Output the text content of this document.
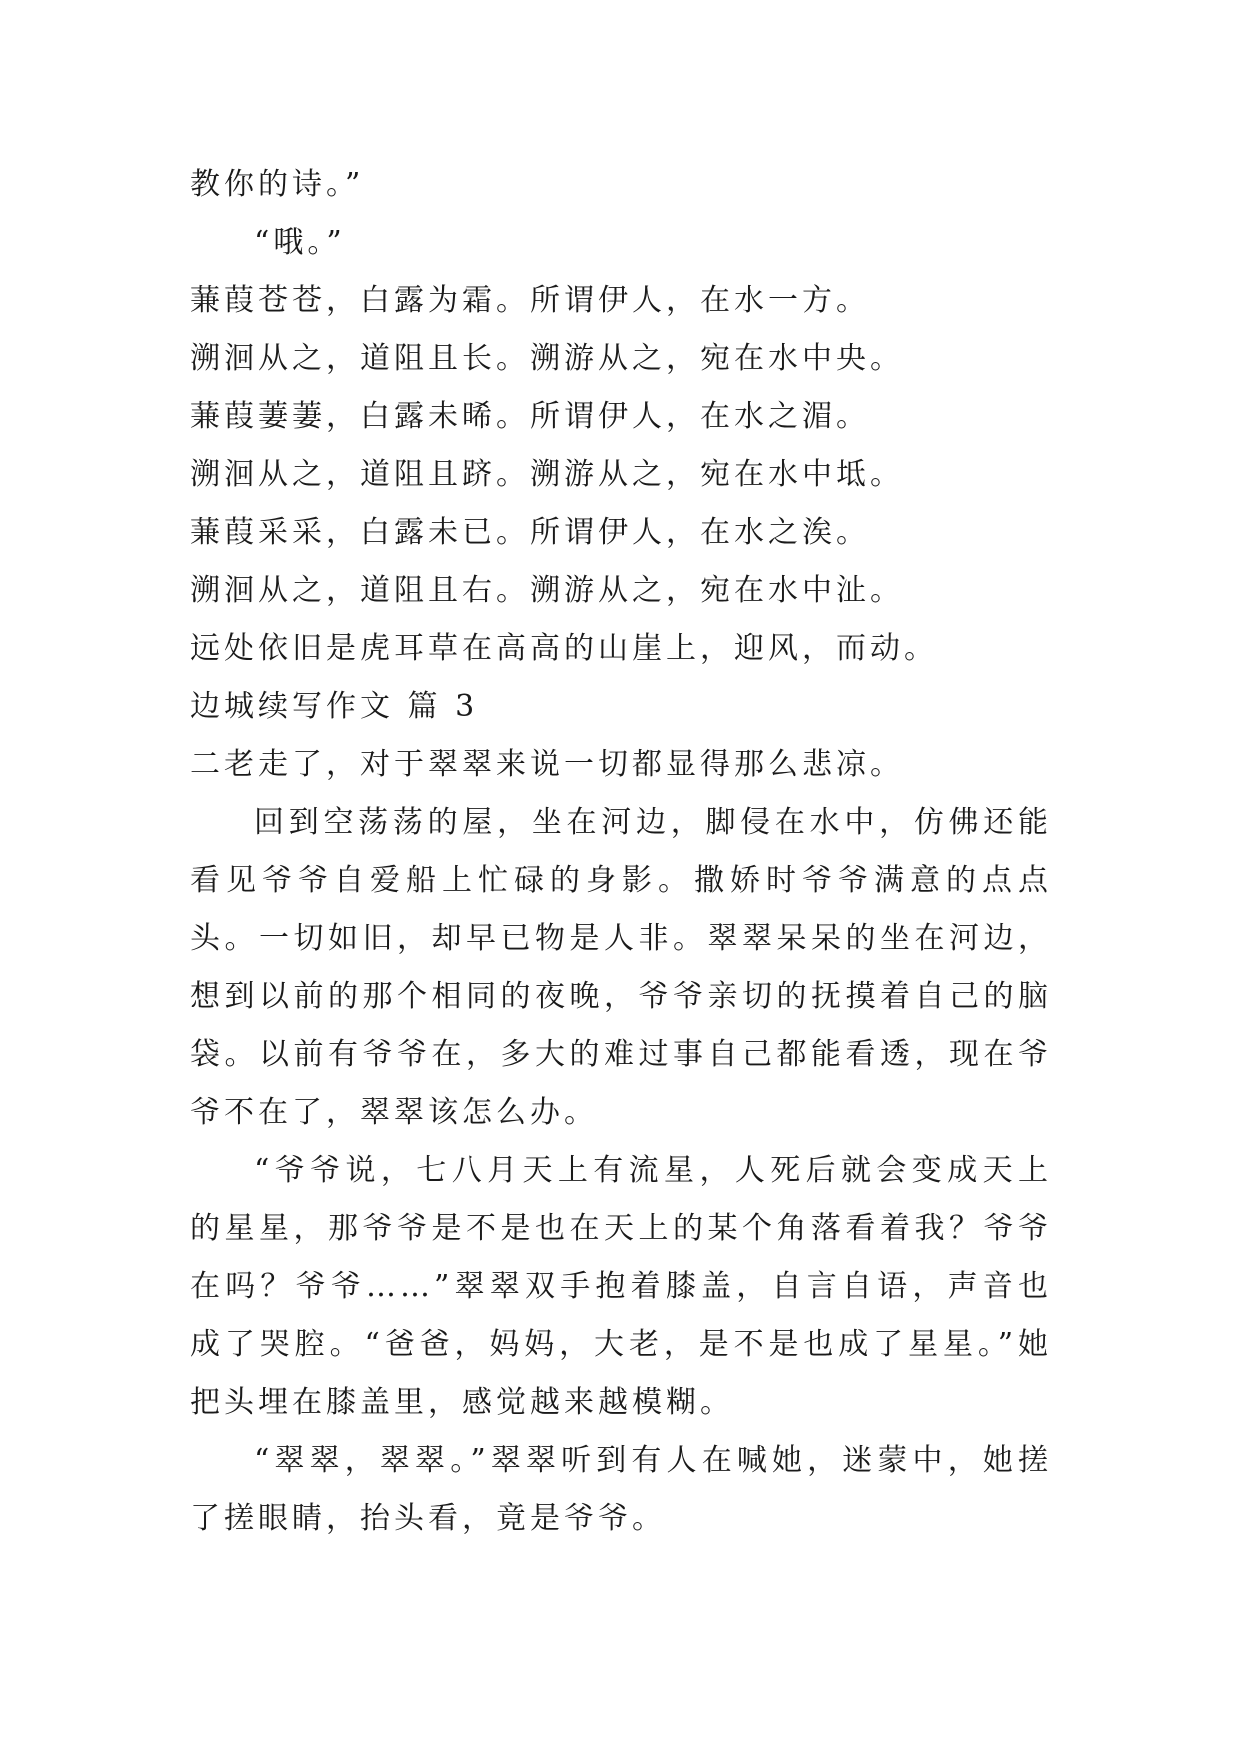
教你的诗。”

“哦。”

蒹葭苍苍，白露为霜。所谓伊人，在水一方。

溯洄从之，道阻且长。溯游从之，宛在水中央。

蒹葭萋萋，白露未晞。所谓伊人，在水之湄。

溯洄从之，道阻且跻。溯游从之，宛在水中坻。

蒹葭采采，白露未已。所谓伊人，在水之涘。

溯洄从之，道阻且右。溯游从之，宛在水中沚。

远处依旧是虎耳草在高高的山崖上，迎风，而动。

边城续写作文 篇 3

二老走了，对于翠翠来说一切都显得那么悲凉。

回到空荡荡的屋，坐在河边，脚侵在水中，仿佛还能看见爷爷自爱船上忙碌的身影。撒娇时爷爷满意的点点头。一切如旧，却早已物是人非。翠翠呆呆的坐在河边，想到以前的那个相同的夜晚，爷爷亲切的抚摸着自己的脑袋。以前有爷爷在，多大的难过事自己都能看透，现在爷爷不在了，翠翠该怎么办。

“爷爷说，七八月天上有流星，人死后就会变成天上的星星，那爷爷是不是也在天上的某个角落看着我？爷爷在吗？爷爷……”翠翠双手抱着膝盖，自言自语，声音也成了哭腔。“爸爸，妈妈，大老，是不是也成了星星。”她把头埋在膝盖里，感觉越来越模糊。

“翠翠，翠翠。”翠翠听到有人在喊她，迷蒙中，她搓了搓眼睛，抬头看，竟是爷爷。
